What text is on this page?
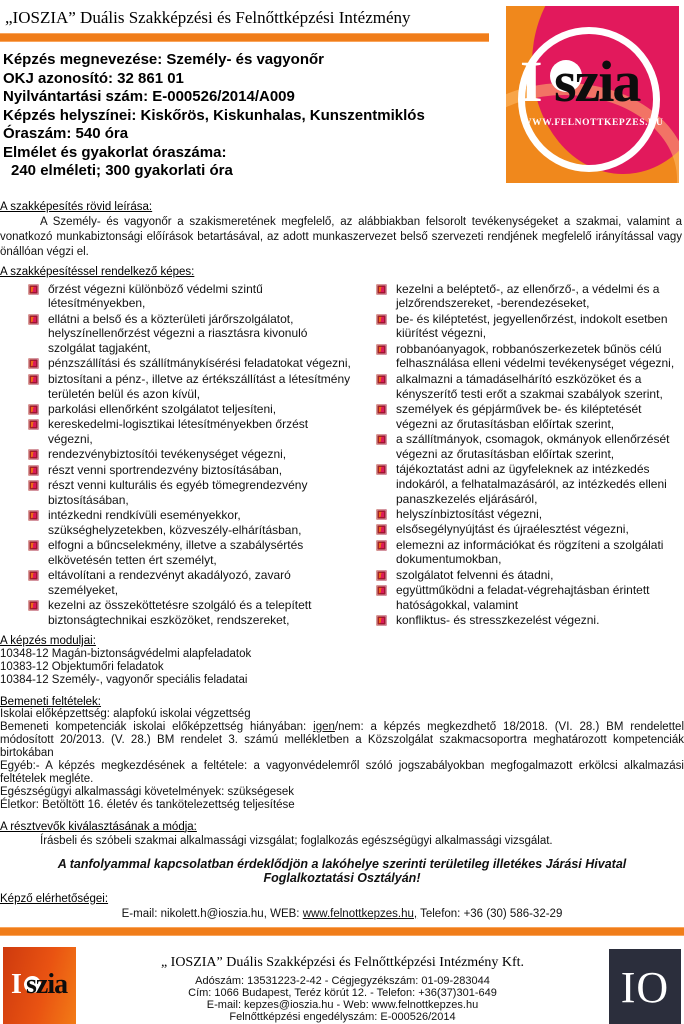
„IOSZIA” Duális Szakképzési és Felnőttképzési Intézmény
Képzés megnevezése: Személy- és vagyonőr
OKJ azonosító: 32 861 01
Nyilvántartási szám: E-000526/2014/A009
Képzés helyszínei: Kiskőrös, Kiskunhalas, Kunszentmiklós
Óraszám: 540 óra
Elmélet és gyakorlat óraszáma:
240 elméleti; 300 gyakorlati óra
I szia
WWW.FELNOTTKEPZES.HU
A szakképesítés rövid leírása:

A Személy- és vagyonőr a szakismeretének megfelelő, az alábbiakban felsorolt tevékenységeket a szakmai, valamint a vonatkozó munkabiztonsági előírások betartásával, az adott munkaszervezet belső szervezeti rendjének megfelelő irányítással vagy önállóan végzi el.

A szakképesítéssel rendelkező képes:
őrzést végezni különböző védelmi szintű létesítményekben,
ellátni a belső és a közterületi járőrszolgálatot, helyszínellenőrzést végezni a riasztásra kivonuló szolgálat tagjaként,
pénzszállítási és szállítmánykísérési feladatokat végezni,
biztosítani a pénz-, illetve az értékszállítást a létesítmény területén belül és azon kívül,
parkolási ellenőrként szolgálatot teljesíteni,
kereskedelmi-logisztikai létesítményekben őrzést végezni,
rendezvénybiztosítói tevékenységet végezni,
részt venni sportrendezvény biztosításában,
részt venni kulturális és egyéb tömegrendezvény biztosításában,
intézkedni rendkívüli eseményekkor, szükséghelyzetekben, közveszély-elhárításban,
elfogni a bűncselekmény, illetve a szabálysértés elkövetésén tetten ért személyt,
eltávolítani a rendezvényt akadályozó, zavaró személyeket,
kezelni az összeköttetésre szolgáló és a telepített biztonságtechnikai eszközöket, rendszereket,
kezelni a beléptető-, az ellenőrző-, a védelmi és a jelzőrendszereket, -berendezéseket,
be- és kiléptetést, jegyellenőrzést, indokolt esetben kiürítést végezni,
robbanóanyagok, robbanószerkezetek bűnös célú felhasználása elleni védelmi tevékenységet végezni,
alkalmazni a támadáselhárító eszközöket és a kényszerítő testi erőt a szakmai szabályok szerint,
személyek és gépjárművek be- és kiléptetését végezni az őrutasításban előírtak szerint,
a szállítmányok, csomagok, okmányok ellenőrzését végezni az őrutasításban előírtak szerint,
tájékoztatást adni az ügyfeleknek az intézkedés indokáról, a felhatalmazásáról, az intézkedés elleni panaszkezelés eljárásáról,
helyszínbiztosítást végezni,
elsősegélynyújtást és újraélesztést végezni,
elemezni az információkat és rögzíteni a szolgálati dokumentumokban,
szolgálatot felvenni és átadni,
együttműködni a feladat-végrehajtásban érintett hatóságokkal, valamint
konfliktus- és stresszkezelést végezni.
A képzés moduljai:
10348-12 Magán-biztonságvédelmi alapfeladatok
10383-12 Objektumőri feladatok
10384-12 Személy-, vagyonőr speciális feladatai
Bemeneti feltételek:
Iskolai előképzettség: alapfokú iskolai végzettség

Bemeneti kompetenciák iskolai előképzettség hiányában: igen/nem: a képzés megkezdhető 18/2018. (VI. 28.) BM rendelettel módosított 20/2013. (V. 28.) BM rendelet 3. számú mellékletben a Közszolgálat szakmacsoportra meghatározott kompetenciák birtokában

Egyéb:- A képzés megkezdésének a feltétele: a vagyonvédelemről szóló jogszabályokban megfogalmazott erkölcsi alkalmazási feltételek megléte.

Egészségügyi alkalmassági követelmények: szükségesek
Életkor: Betöltött 16. életév és tankötelezettség teljesítése
A résztvevők kiválasztásának a módja:
Írásbeli és szóbeli szakmai alkalmassági vizsgálat; foglalkozás egészségügyi alkalmassági vizsgálat.

A tanfolyammal kapcsolatban érdeklődjön a lakóhelye szerinti területileg illetékes Járási Hivatal Foglalkoztatási Osztályán!

Képző elérhetőségei:
E-mail: nikolett.h@ioszia.hu, WEB: www.felnottkepzes.hu, Telefon: +36 (30) 586-32-29
I szia
„ IOSZIA” Duális Szakképzési és Felnőttképzési Intézmény Kft.
Adószám: 13531223-2-42 - Cégjegyzékszám: 01-09-283044
Cím: 1066 Budapest, Teréz körút 12. - Telefon: +36(37)301-649
E-mail: kepzes@ioszia.hu - Web: www.felnottkepzes.hu
Felnőttképzési engedélyszám: E-000526/2014
IO
